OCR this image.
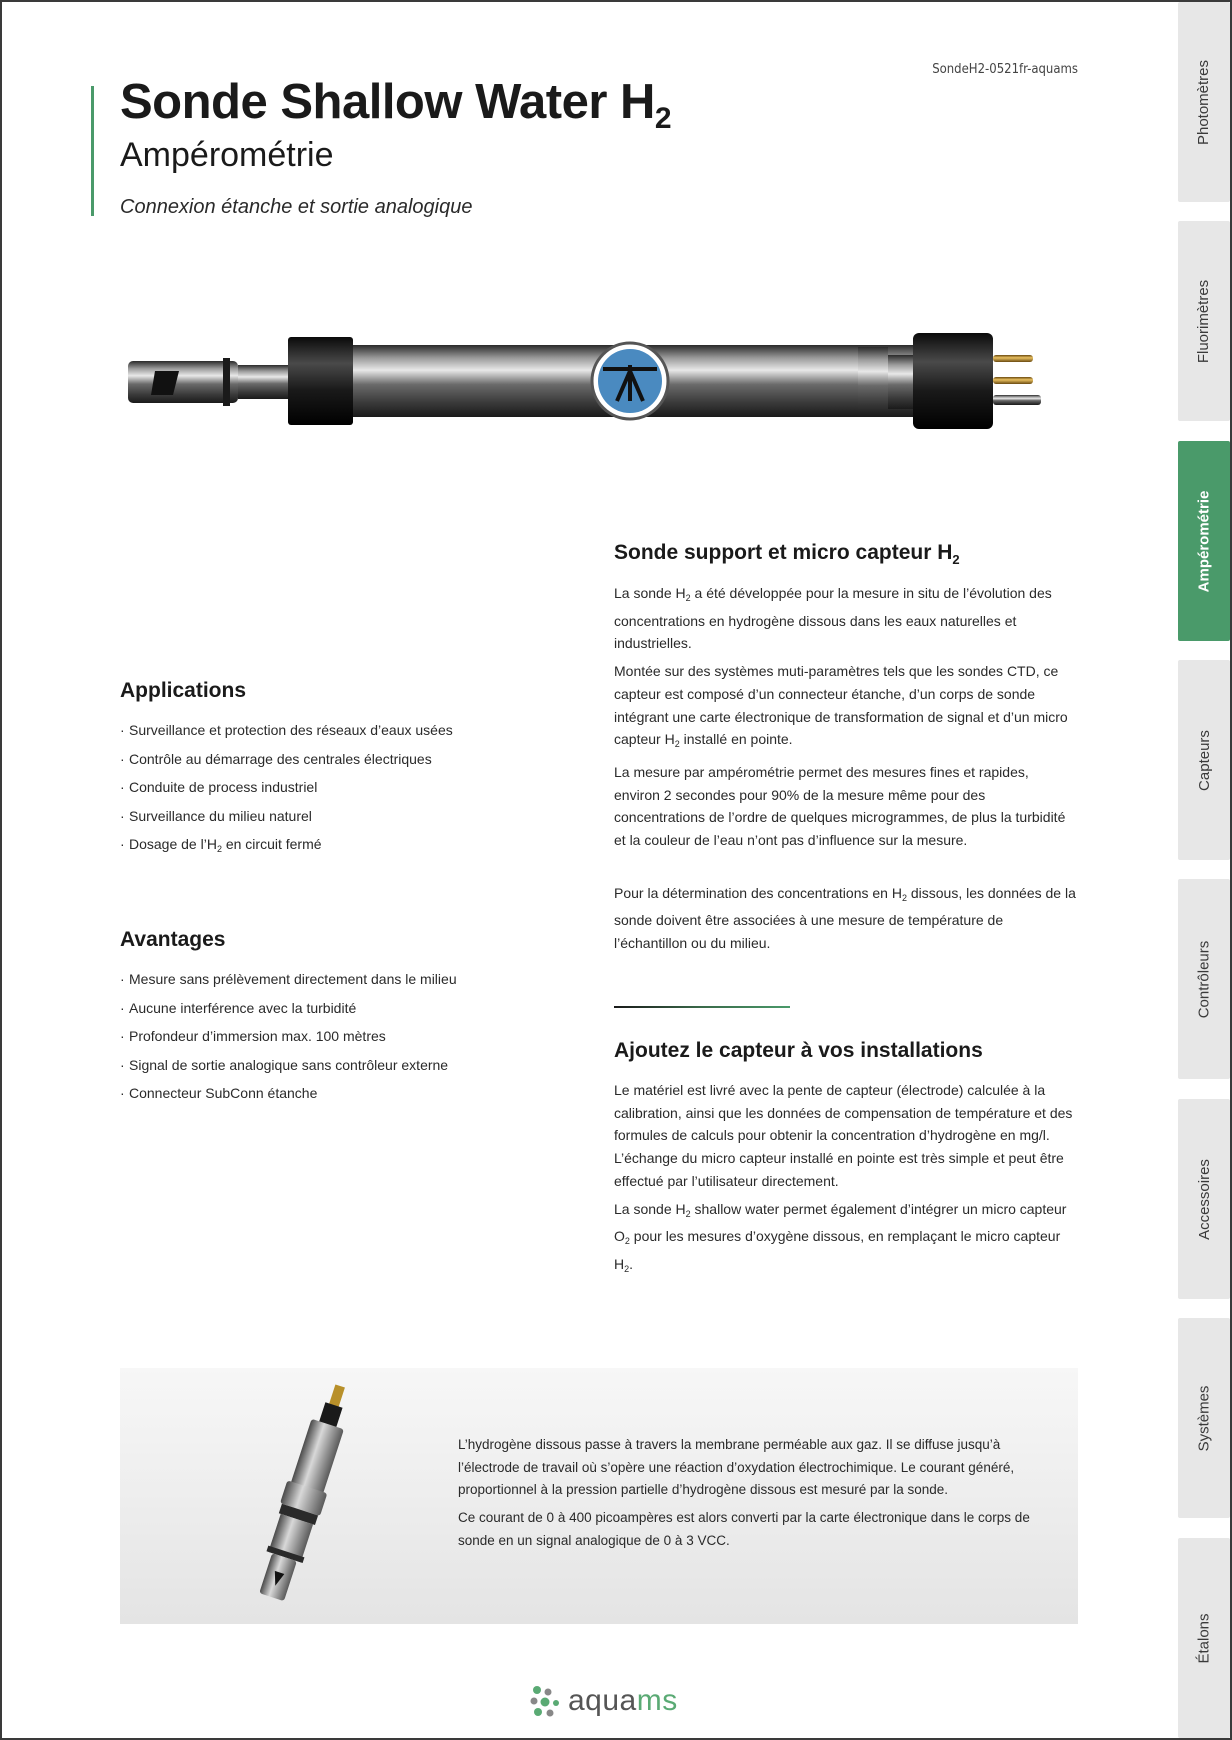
Photomètres
Fluorimètres
Ampérométrie
Capteurs
Contrôleurs
Accessoires
Systèmes
Étalons
SondeH2-0521fr-aquams
Sonde Shallow Water $H_2$
Ampérométrie
Connexion étanche et sortie analogique
Applications
· Surveillance et protection des réseaux d’eaux usées
· Contrôle au démarrage des centrales électriques
· Conduite de process industriel
· Surveillance du milieu naturel
· Dosage de $l’H_2$ en circuit fermé
Avantages
· Mesure sans prélèvement directement dans le milieu
· Aucune interférence avec la turbidité
· Profondeur d’immersion max. 100 mètres
· Signal de sortie analogique sans contrôleur externe
· Connecteur SubConn étanche
Sonde support et micro capteur $H_2$

La sonde $H_2$ a été développée pour la mesure in situ de l’évolution des concentrations en hydrogène dissous dans les eaux naturelles et industrielles.

Montée sur des systèmes muti-paramètres tels que les sondes CTD, ce capteur est composé d’un connecteur étanche, d’un corps de sonde intégrant une carte électronique de transformation de signal et d’un micro capteur $H_2$ installé en pointe.

La mesure par ampérométrie permet des mesures fines et rapides, environ 2 secondes pour 90% de la mesure même pour des concentrations de l’ordre de quelques microgrammes, de plus la turbidité et la couleur de l’eau n’ont pas d’influence sur la mesure.

Pour la détermination des concentrations en $H_2$ dissous, les données de la sonde doivent être associées à une mesure de température de l’échantillon ou du milieu.

Ajoutez le capteur à vos installations

Le matériel est livré avec la pente de capteur (électrode) calculée à la calibration, ainsi que les données de compensation de température et des formules de calculs pour obtenir la concentration d’hydrogène en mg/l. L’échange du micro capteur installé en pointe est très simple et peut être effectué par l’utilisateur directement.

La sonde $H_2$ shallow water permet également d’intégrer un micro capteur $O_2$ pour les mesures d’oxygène dissous, en remplaçant le micro capteur $H_2$.

L’hydrogène dissous passe à travers la membrane perméable aux gaz. Il se diffuse jusqu’à l’électrode de travail où s’opère une réaction d’oxydation électrochimique. Le courant généré, proportionnel à la pression partielle d’hydrogène dissous est mesuré par la sonde.

Ce courant de 0 à 400 picoampères est alors converti par la carte électronique dans le corps de sonde en un signal analogique de 0 à 3 VCC.

aquams
